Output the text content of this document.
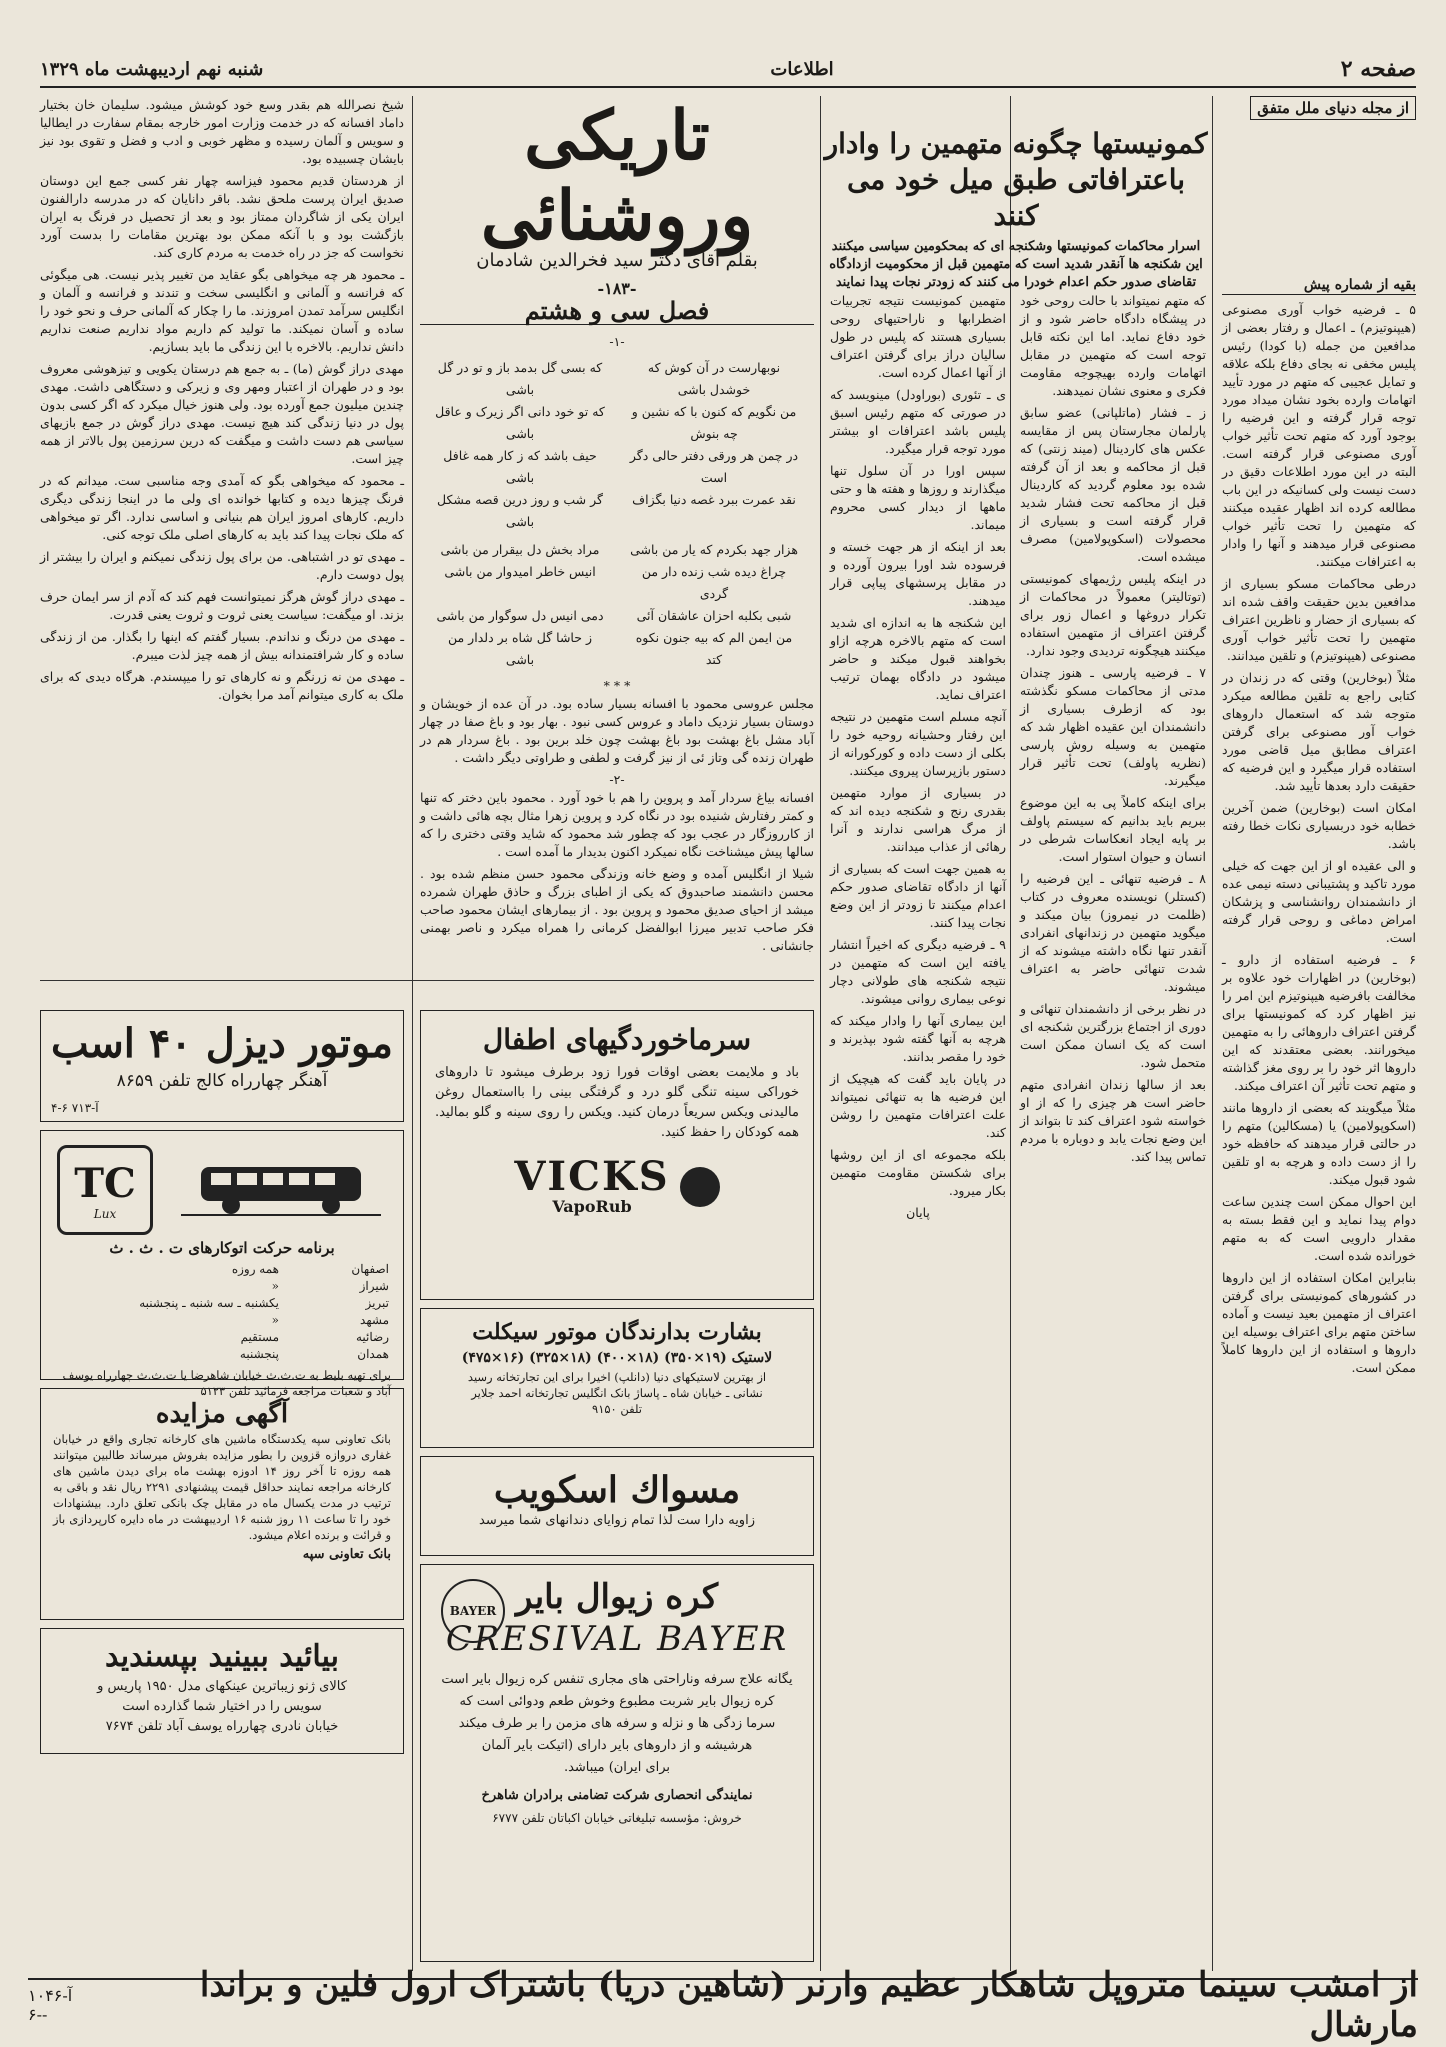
صفحه ۲
اطلاعات
شنبه نهم اردیبهشت ماه ۱۳۲۹
از مجله دنیای ملل متفق
بقیه از شماره پیش

۵ ـ فرضیه خواب آوری مصنوعی (هیپنوتیزم) ـ اعمال و رفتار بعضی از مدافعین من جمله (با کودا) رئیس پلیس مخفی نه بجای دفاع بلکه علاقه و تمایل عجیبی که متهم در مورد تأیید اتهامات وارده بخود نشان میداد مورد توجه قرار گرفته و این فرضیه را بوجود آورد که متهم تحت تأثیر خواب آوری مصنوعی قرار گرفته است. البته در این مورد اطلاعات دقیق در دست نیست ولی کسانیکه در این باب مطالعه کرده اند اظهار عقیده میکنند که متهمین را تحت تأثیر خواب مصنوعی قرار میدهند و آنها را وادار به اعترافات میکنند.

درطی محاکمات مسکو بسیاری از مدافعین بدین حقیقت واقف شده اند که بسیاری از حضار و ناظرین اعتراف متهمین را تحت تأثیر خواب آوری مصنوعی (هیپنوتیزم) و تلقین میدانند.

مثلاً (بوخارین) وقتی که در زندان در کتابی راجع به تلقین مطالعه میکرد متوجه شد که استعمال داروهای خواب آور مصنوعی برای گرفتن اعتراف مطابق میل قاضی مورد استفاده قرار میگیرد و این فرضیه که حقیقت دارد بعدها تأیید شد.

امکان است (بوخارین) ضمن آخرین خطابه خود دربسیاری نکات خطا رفته باشد.

و الی عقیده او از این جهت که خیلی مورد تاکید و پشتیبانی دسته نیمی عده از دانشمندان روانشناسی و پزشکان امراض دماغی و روحی قرار گرفته است.

۶ ـ فرضیه استفاده از دارو ـ (بوخارین) در اظهارات خود علاوه بر مخالفت بافرضیه هیپنوتیزم این امر را نیز اظهار کرد که کمونیستها برای گرفتن اعتراف داروهائی را به متهمین میخورانند. بعضی معتقدند که این داروها اثر خود را بر روی مغز گذاشته و متهم تحت تأثیر آن اعتراف میکند.

مثلاً میگویند که بعضی از داروها مانند (اسکوپولامین) یا (مسکالین) متهم را در حالتی قرار میدهند که حافظه خود را از دست داده و هرچه به او تلقین شود قبول میکند.

این احوال ممکن است چندین ساعت دوام پیدا نماید و این فقط بسته به مقدار دارویی است که به متهم خورانده شده است.

بنابراین امکان استفاده از این داروها در کشورهای کمونیستی برای گرفتن اعتراف از متهمین بعید نیست و آماده ساختن متهم برای اعتراف بوسیله این داروها و استفاده از این داروها کاملاً ممکن است.

کمونیستها چگونه متهمین را وادار باعترافاتی طبق میل خود می کنند
اسرار محاکمات کمونیستها وشکنجه ای که بمحکومین سیاسی میکنند
این شکنجه ها آنقدر شدید است که متهمین قبل از محکومیت ازدادگاه تقاضای صدور حکم اعدام خودرا می کنند که زودتر نجات پیدا نمایند

که متهم نمیتواند با حالت روحی خود در پیشگاه دادگاه حاضر شود و از خود دفاع نماید. اما این نکته قابل توجه است که متهمین در مقابل اتهامات وارده بهیچوجه مقاومت فکری و معنوی نشان نمیدهند.

ز ـ فشار (ماتلپانی) عضو سابق پارلمان مجارستان پس از مقایسه عکس های کاردینال (میند زنتی) که قبل از محاکمه و بعد از آن گرفته شده بود معلوم گردید که کاردینال قبل از محاکمه تحت فشار شدید قرار گرفته است و بسیاری از محصولات (اسکوپولامین) مصرف میشده است.

در اینکه پلیس رژیمهای کمونیستی (توتالیتر) معمولاً در محاکمات از تکرار دروغها و اعمال زور برای گرفتن اعتراف از متهمین استفاده میکنند هیچگونه تردیدی وجود ندارد.

۷ ـ فرضیه پارسی ـ هنوز چندان مدتی از محاکمات مسکو نگذشته بود که ازطرف بسیاری از دانشمندان این عقیده اظهار شد که متهمین به وسیله روش پارسی (نظریه پاولف) تحت تأثیر قرار میگیرند.

برای اینکه کاملاً پی به این موضوع ببریم باید بدانیم که سیستم پاولف بر پایه ایجاد انعکاسات شرطی در انسان و حیوان استوار است.

۸ ـ فرضیه تنهائی ـ این فرضیه را (کستلر) نویسنده معروف در کتاب (ظلمت در نیمروز) بیان میکند و میگوید متهمین در زندانهای انفرادی آنقدر تنها نگاه داشته میشوند که از شدت تنهائی حاضر به اعتراف میشوند.

در نظر برخی از دانشمندان تنهائی و دوری از اجتماع بزرگترین شکنجه ای است که یک انسان ممکن است متحمل شود.

بعد از سالها زندان انفرادی متهم حاضر است هر چیزی را که از او خواسته شود اعتراف کند تا بتواند از این وضع نجات یابد و دوباره با مردم تماس پیدا کند.

متهمین کمونیست نتیجه تجربیات اضطرابها و ناراحتیهای روحی بسیاری هستند که پلیس در طول سالیان دراز برای گرفتن اعتراف از آنها اعمال کرده است.

ی ـ تئوری (بوراودل) مینویسد که در صورتی که متهم رئیس اسبق پلیس باشد اعترافات او بیشتر مورد توجه قرار میگیرد.

سپس اورا در آن سلول تنها میگذارند و روزها و هفته ها و حتی ماهها از دیدار کسی محروم میماند.

بعد از اینکه از هر جهت خسته و فرسوده شد اورا بیرون آورده و در مقابل پرسشهای پیاپی قرار میدهند.

این شکنجه ها به اندازه ای شدید است که متهم بالاخره هرچه ازاو بخواهند قبول میکند و حاضر میشود در دادگاه بهمان ترتیب اعتراف نماید.

آنچه مسلم است متهمین در نتیجه این رفتار وحشیانه روحیه خود را بکلی از دست داده و کورکورانه از دستور بازپرسان پیروی میکنند.

در بسیاری از موارد متهمین بقدری رنج و شکنجه دیده اند که از مرگ هراسی ندارند و آنرا رهائی از عذاب میدانند.

به همین جهت است که بسیاری از آنها از دادگاه تقاضای صدور حکم اعدام میکنند تا زودتر از این وضع نجات پیدا کنند.

۹ ـ فرضیه دیگری که اخیراً انتشار یافته این است که متهمین در نتیجه شکنجه های طولانی دچار نوعی بیماری روانی میشوند.

این بیماری آنها را وادار میکند که هرچه به آنها گفته شود بپذیرند و خود را مقصر بدانند.

در پایان باید گفت که هیچیک از این فرضیه ها به تنهائی نمیتواند علت اعترافات متهمین را روشن کند.

بلکه مجموعه ای از این روشها برای شکستن مقاومت متهمین بکار میرود.

پایان

تاریکی وروشنائی
بقلم آقای دکتر سید فخرالدین شادمان
-۱۸۳-
فصل سی و هشتم
-۱-
نوبهارست در آن کوش که خوشدل باشی
که بسی گل بدمد باز و تو در گل باشی
من نگویم که کنون با که نشین و چه بنوش
که تو خود دانی اگر زیرک و عاقل باشی
در چمن هر ورقی دفتر حالی دگر است
حیف باشد که ز کار همه غافل باشی
نقد عمرت ببرد غصه دنیا بگزاف
گر شب و روز درین قصه مشکل باشی
هزار جهد بکردم که یار من باشی
مراد بخش دل بیقرار من باشی
چراغ دیده شب زنده دار من گردی
انیس خاطر امیدوار من باشی
شبی بکلبه احزان عاشقان آئی
دمی انیس دل سوگوار من باشی
من ایمن الم که بیه جنون نکوه کتد
ز حاشا گل شاه بر دلدار من باشی
* * *

مجلس عروسی محمود با افسانه بسیار ساده بود. در آن عده از خویشان و دوستان بسیار نزدیک داماد و عروس کسی نبود . بهار بود و باغ صفا در چهار آباد مشل باغ بهشت بود باغ بهشت چون خلد برین بود . باغ سردار هم در طهران زنده گی وتاز ئی از نیز گرفت و لطفی و طراوتی دیگر داشت .

-۲-

افسانه بیاغ سردار آمد و پروین را هم با خود آورد . محمود باین دختر که تنها و کمتر رفتارش شنیده بود در نگاه کرد و پروین زهرا مثال بچه هائی داشت و از کارروزگار در عجب بود که چطور شد محمود که شاید وقتی دختری را که سالها پیش میشناخت نگاه نمیکرد اکنون بدیدار ما آمده است .

شیلا از انگلیس آمده و وضع خانه وزندگی محمود حسن منظم شده بود . محسن دانشمند صاحبدوق که یکی از اطبای بزرگ و حاذق طهران شمرده میشد از احیای صدیق محمود و پروین بود . از بیمارهای ایشان محمود صاحب فکر صاحب تدبیر میرزا ابوالفضل کرمانی را همراه میکرد و ناصر بهمنی جانشانی .

شیخ نصرالله هم بقدر وسع خود کوشش میشود. سلیمان خان بختیار داماد افسانه که در خدمت وزارت امور خارجه بمقام سفارت در ایطالیا و سویس و آلمان رسیده و مظهر خوبی و ادب و فضل و تقوی بود نیز بایشان چسبیده بود.

از هردستان قدیم محمود فیزاسه چهار نفر کسی جمع این دوستان صدیق ایران پرست ملحق نشد. باقر دانایان که در مدرسه دارالفنون ایران یکی از شاگردان ممتاز بود و بعد از تحصیل در فرنگ به ایران بازگشت بود و با آنکه ممکن بود بهترین مقامات را بدست آورد نخواست که جز در راه خدمت به مردم کاری کند.

ـ محمود هر چه میخواهی بگو عقاید من تغییر پذیر نیست. هی میگوئی که فرانسه و آلمانی و انگلیسی سخت و تندند و فرانسه و آلمان و انگلیس سرآمد تمدن امروزند. ما را چکار که آلمانی حرف و نحو خود را ساده و آسان نمیکند. ما تولید کم داریم مواد نداریم صنعت نداریم دانش نداریم. بالاخره با این زندگی ما باید بسازیم.

مهدی دراز گوش (ما) ـ به جمع هم درستان یکویی و تیزهوشی معروف بود و در طهران از اعتبار ومهر وی و زیرکی و دستگاهی داشت. مهدی چندین میلیون جمع آورده بود. ولی هنوز خیال میکرد که اگر کسی بدون پول در دنیا زندگی کند هیچ نیست. مهدی دراز گوش در جمع بازیهای سیاسی هم دست داشت و میگفت که درین سرزمین پول بالاتر از همه چیز است.

ـ محمود که میخواهی بگو که آمدی وجه مناسبی ست. میدانم که در فرنگ چیزها دیده و کتابها خوانده ای ولی ما در اینجا زندگی دیگری داریم. کارهای امروز ایران هم بنیانی و اساسی ندارد. اگر تو میخواهی که ملک نجات پیدا کند باید به کارهای اصلی ملک توجه کنی.

ـ مهدی تو در اشتباهی. من برای پول زندگی نمیکنم و ایران را بیشتر از پول دوست دارم.

ـ مهدی دراز گوش هرگز نمیتوانست فهم کند که آدم از سر ایمان حرف بزند. او میگفت: سیاست یعنی ثروت و ثروت یعنی قدرت.

ـ مهدی من درنگ و نداندم. بسیار گفتم که اینها را بگذار. من از زندگی ساده و کار شرافتمندانه بیش از همه چیز لذت میبرم.

ـ مهدی من نه زرنگم و نه کارهای تو را میپسندم. هرگاه دیدی که برای ملک به کاری میتوانم آمد مرا بخوان.

موتور دیزل ۴۰ اسب
آهنگر چهارراه کالج تلفن ۸۶۵۹
آ-۷۱۳ ۶-۴
TC
Lux
برنامه حرکت اتوکارهای ت . ث . ث
اصفهان
همه روزه
شیراز
«
تبریز
یکشنبه ـ سه شنبه ـ پنجشنبه
مشهد
«
رضائیه
مستقیم
همدان
پنجشنبه
برای تهیه بلیط به ت.ث.ث خیابان شاهرضا یا ت.ث.ث چهارراه یوسف آباد و شعبات مراجعه فرمائید تلفن ۵۱۲۳
آگهی مزایده
بانک تعاونی سپه یکدستگاه ماشین های کارخانه تجاری واقع در خیابان غفاری دروازه قزوین را بطور مزایده بفروش میرساند طالبین میتوانند همه روزه تا آخر روز ۱۴ ادوزه بهشت ماه برای دیدن ماشین های کارخانه مراجعه نمایند حداقل قیمت پیشنهادی ۲۲۹۱ ریال نقد و باقی به ترتیب در مدت یکسال ماه در مقابل چک بانکی تعلق دارد. بیشنهادات خود را تا ساعت ۱۱ روز شنبه ۱۶ اردیبهشت در ماه دایره کارپردازی باز و قرائت و برنده اعلام میشود.
بانک تعاونی سپه
بیائید ببینید بپسندید
کالای ژنو زیباترین عینکهای مدل ۱۹۵۰ پاریس و
سویس را در اختیار شما گذارده است
خیابان نادری چهارراه یوسف آباد تلفن ۷۶۷۴
سرماخوردگیهای اطفال
باد و ملایمت بعضی اوقات فورا زود برطرف میشود تا داروهای خوراکی سینه تنگی گلو درد و گرفتگی بینی را بااستعمال روغن مالیدنی ویکس سریعاً درمان کنید. ویکس را روی سینه و گلو بمالید. همه کودکان را حفظ کنید.
VICKS
VapoRub
بشارت بدارندگان موتور سیکلت
لاستیک (۱۹×۳۵۰) (۱۸×۴۰۰) (۱۸×۳۲۵) (۱۶×۴۷۵)
از بهترین لاستیکهای دنیا (دانلپ) اخیرا برای این تجارتخانه رسید
نشانی ـ خیابان شاه ـ پاساژ بانک انگلیس تجارتخانه احمد جلایر
تلفن ۹۱۵۰
مسواك اسكويب
زاویه دارا ست لذا تمام زوایای دندانهای شما میرسد
BAYER کره زیوال بایر
CRESIVAL BAYER
یگانه علاج سرفه وناراحتی های مجاری تنفس کره زیوال بایر است
کره زیوال بایر شربت مطبوع وخوش طعم ودوائی است که
سرما زدگی ها و نزله و سرفه های مزمن را بر طرف میکند
هرشیشه و از داروهای بایر دارای (اتیکت بایر آلمان
برای ایران) میباشد.
نمایندگی انحصاری شرکت تضامنی برادران شاهرخ
خروش: مؤسسه تبلیغاتی خیابان اکباتان تلفن ۶۷۷۷
از امشب سینما متروپل شاهکار عظیم وارنر (شاهین دریا) باشتراک ارول فلین و براندا مارشال
آ-۱۰۴۶ -۶-
